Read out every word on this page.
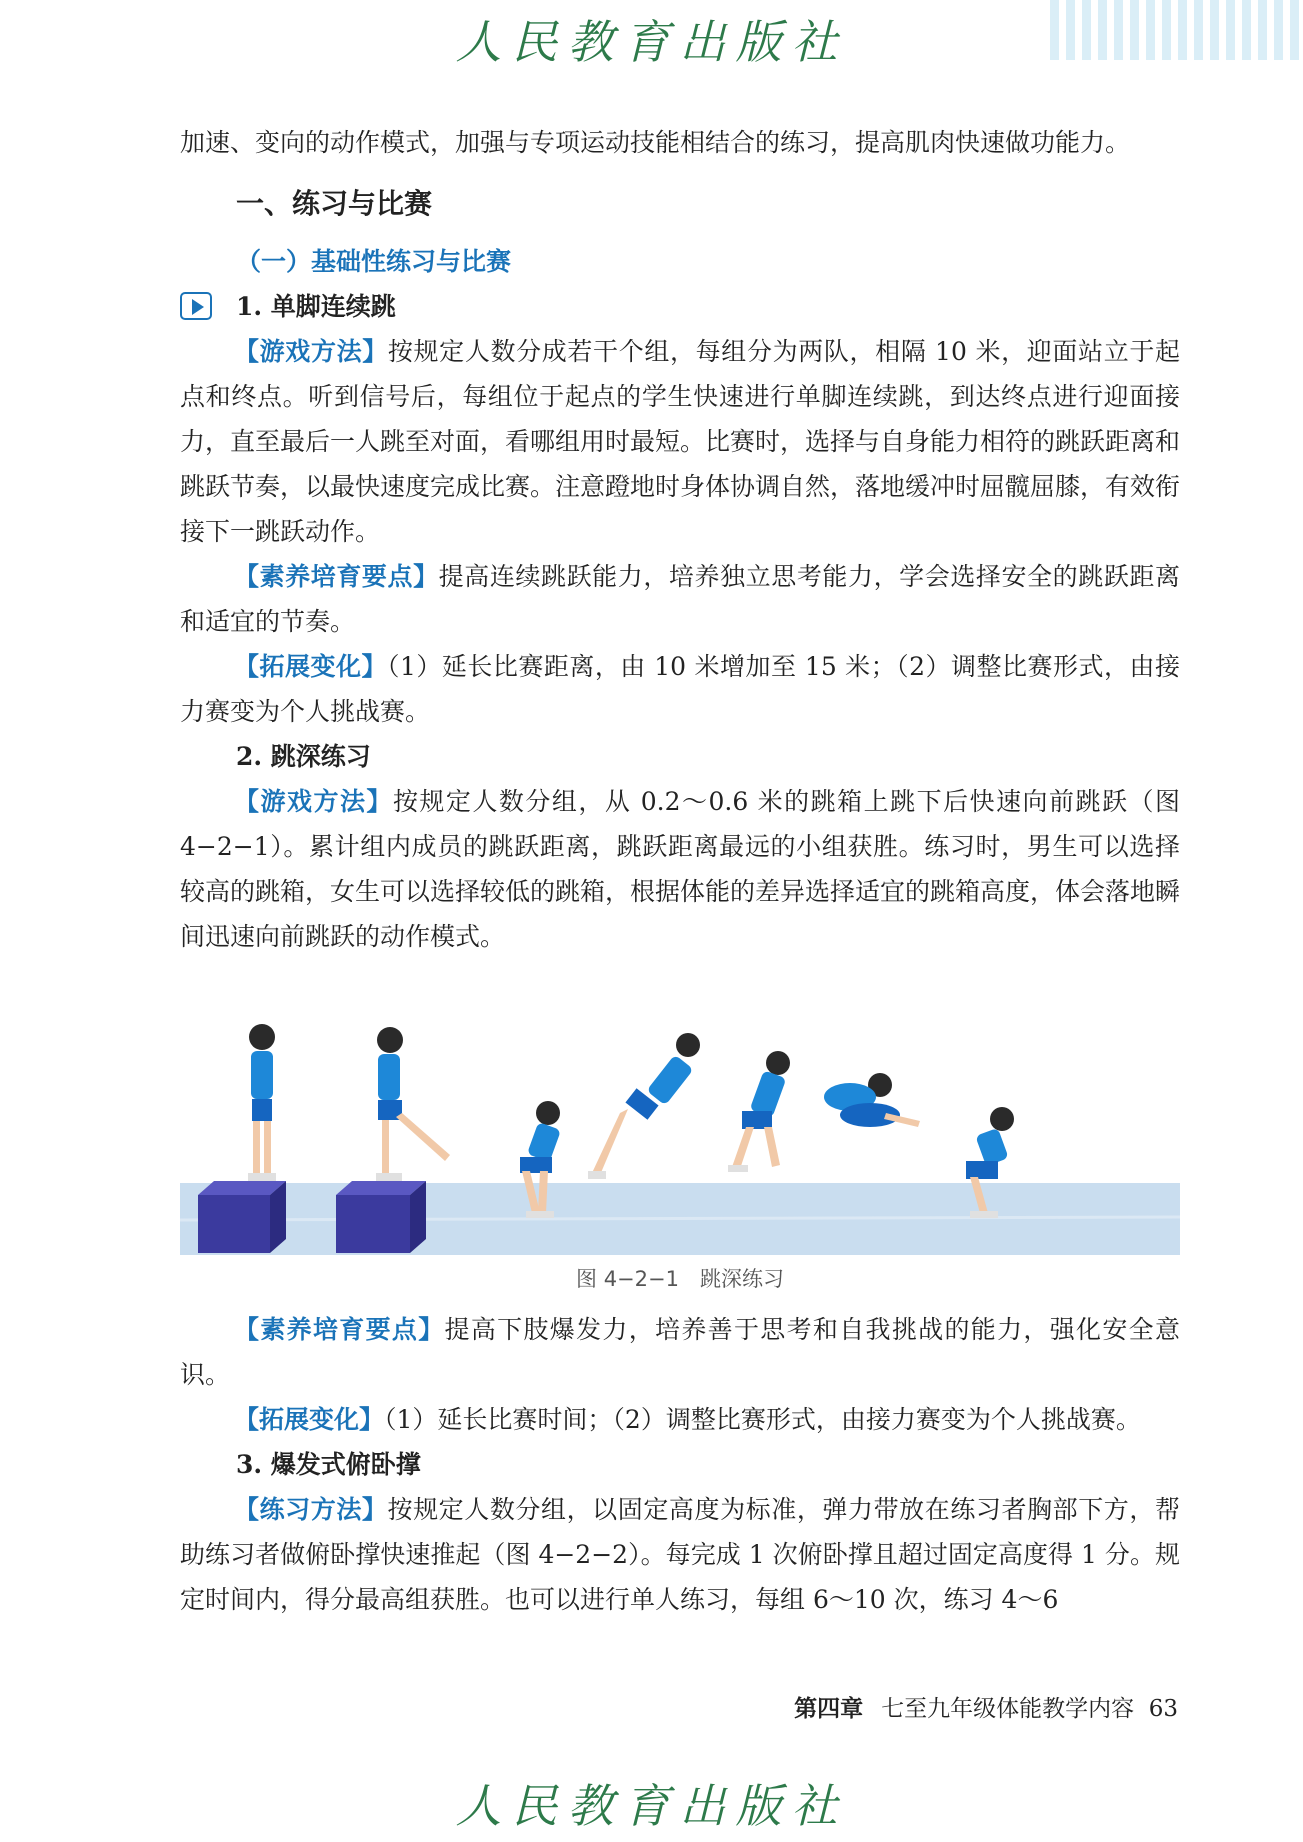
人民教育出版社

加速、变向的动作模式，加强与专项运动技能相结合的练习，提高肌肉快速做功能力。

一、练习与比赛

（一）基础性练习与比赛

1. 单脚连续跳

【游戏方法】按规定人数分成若干个组，每组分为两队，相隔 10 米，迎面站立于起点和终点。听到信号后，每组位于起点的学生快速进行单脚连续跳，到达终点进行迎面接力，直至最后一人跳至对面，看哪组用时最短。比赛时，选择与自身能力相符的跳跃距离和跳跃节奏，以最快速度完成比赛。注意蹬地时身体协调自然，落地缓冲时屈髋屈膝，有效衔接下一跳跃动作。

【素养培育要点】提高连续跳跃能力，培养独立思考能力，学会选择安全的跳跃距离和适宜的节奏。

【拓展变化】（1）延长比赛距离，由 10 米增加至 15 米；（2）调整比赛形式，由接力赛变为个人挑战赛。

2. 跳深练习

【游戏方法】按规定人数分组，从 0.2～0.6 米的跳箱上跳下后快速向前跳跃（图 4−2−1）。累计组内成员的跳跃距离，跳跃距离最远的小组获胜。练习时，男生可以选择较高的跳箱，女生可以选择较低的跳箱，根据体能的差异选择适宜的跳箱高度，体会落地瞬间迅速向前跳跃的动作模式。

图 4−2−1　跳深练习

【素养培育要点】提高下肢爆发力，培养善于思考和自我挑战的能力，强化安全意识。

【拓展变化】（1）延长比赛时间；（2）调整比赛形式，由接力赛变为个人挑战赛。

3. 爆发式俯卧撑

【练习方法】按规定人数分组，以固定高度为标准，弹力带放在练习者胸部下方，帮助练习者做俯卧撑快速推起（图 4−2−2）。每完成 1 次俯卧撑且超过固定高度得 1 分。规定时间内，得分最高组获胜。也可以进行单人练习，每组 6～10 次，练习 4～6

第四章 七至九年级体能教学内容 63
人民教育出版社
